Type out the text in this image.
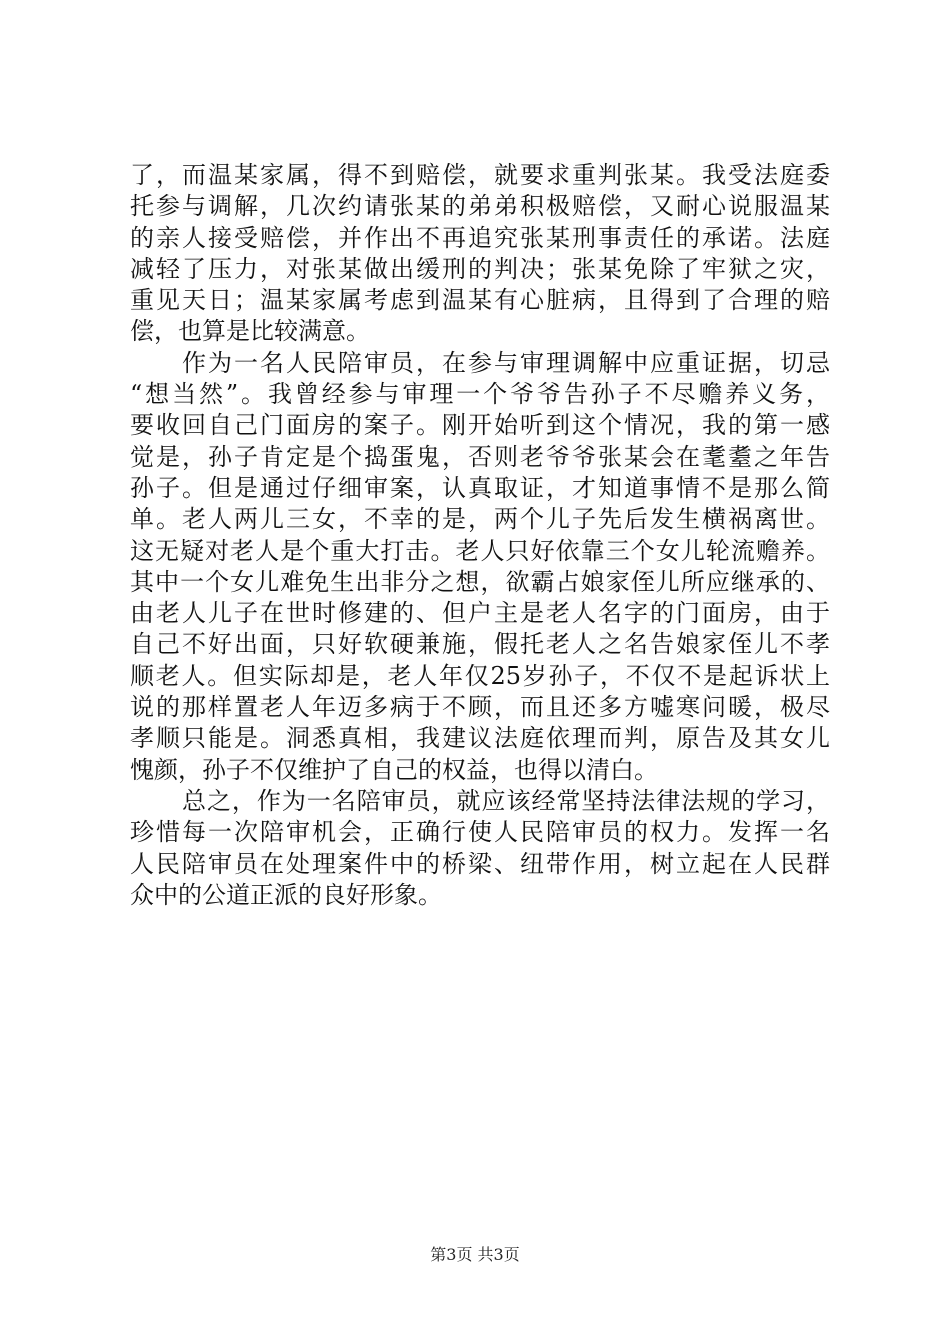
了，而温某家属，得不到赔偿，就要求重判张某。我受法庭委
托参与调解，几次约请张某的弟弟积极赔偿，又耐心说服温某
的亲人接受赔偿，并作出不再追究张某刑事责任的承诺。法庭
减轻了压力，对张某做出缓刑的判决；张某免除了牢狱之灾，
重见天日；温某家属考虑到温某有心脏病，且得到了合理的赔
偿，也算是比较满意。
作为一名人民陪审员，在参与审理调解中应重证据，切忌
“想当然”。我曾经参与审理一个爷爷告孙子不尽赡养义务，
要收回自己门面房的案子。刚开始听到这个情况，我的第一感
觉是，孙子肯定是个捣蛋鬼，否则老爷爷张某会在耄耋之年告
孙子。但是通过仔细审案，认真取证，才知道事情不是那么简
单。老人两儿三女，不幸的是，两个儿子先后发生横祸离世。
这无疑对老人是个重大打击。老人只好依靠三个女儿轮流赡养。
其中一个女儿难免生出非分之想，欲霸占娘家侄儿所应继承的、
由老人儿子在世时修建的、但户主是老人名字的门面房，由于
自己不好出面，只好软硬兼施，假托老人之名告娘家侄儿不孝
顺老人。但实际却是，老人年仅25岁孙子，不仅不是起诉状上
说的那样置老人年迈多病于不顾，而且还多方嘘寒问暖，极尽
孝顺只能是。洞悉真相，我建议法庭依理而判，原告及其女儿
愧颜，孙子不仅维护了自己的权益，也得以清白。
总之，作为一名陪审员，就应该经常坚持法律法规的学习，
珍惜每一次陪审机会，正确行使人民陪审员的权力。发挥一名
人民陪审员在处理案件中的桥梁、纽带作用，树立起在人民群
众中的公道正派的良好形象。
第3页 共3页
